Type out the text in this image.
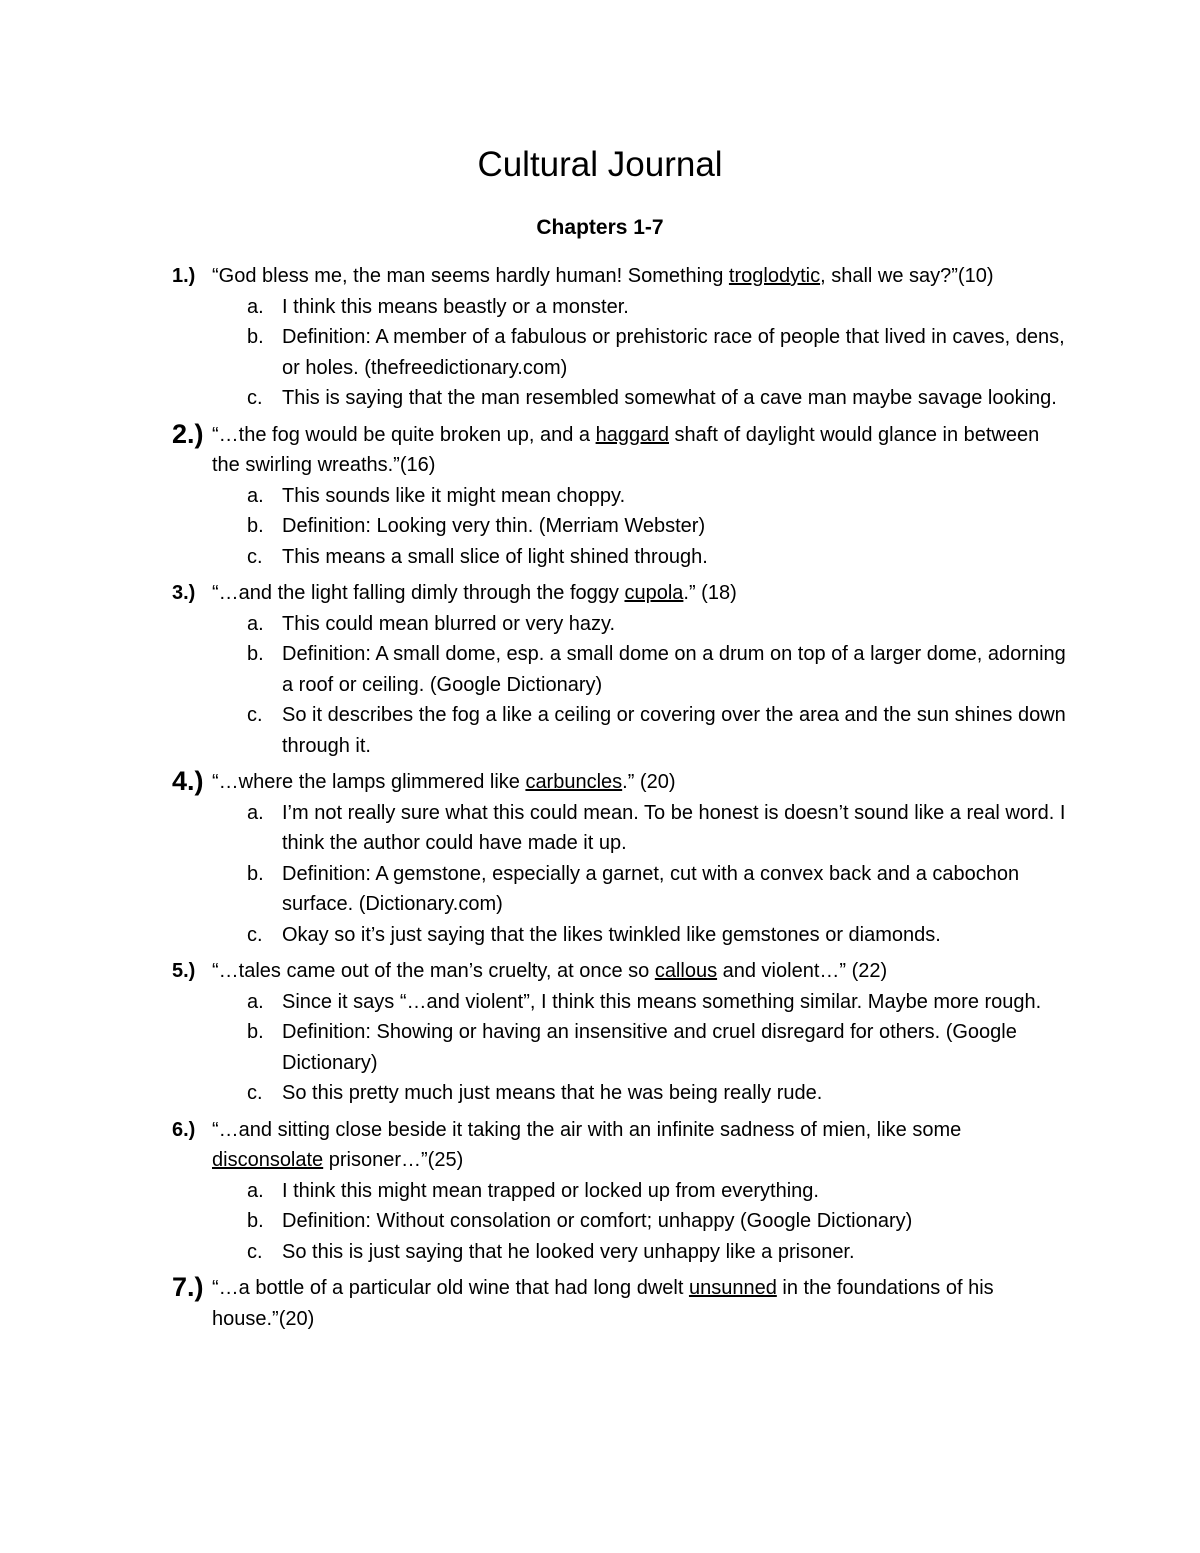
Cultural Journal
Chapters 1-7
1.) “God bless me, the man seems hardly human! Something troglodytic, shall we say?”(10)
a. I think this means beastly or a monster.
b. Definition: A member of a fabulous or prehistoric race of people that lived in caves, dens, or holes. (thefreedictionary.com)
c. This is saying that the man resembled somewhat of a cave man maybe savage looking.
2.) “…the fog would be quite broken up, and a haggard shaft of daylight would glance in between the swirling wreaths.”(16)
a. This sounds like it might mean choppy.
b. Definition: Looking very thin. (Merriam Webster)
c. This means a small slice of light shined through.
3.) “…and the light falling dimly through the foggy cupola.” (18)
a. This could mean blurred or very hazy.
b. Definition: A small dome, esp. a small dome on a drum on top of a larger dome, adorning a roof or ceiling. (Google Dictionary)
c. So it describes the fog a like a ceiling or covering over the area and the sun shines down through it.
4.) “…where the lamps glimmered like carbuncles.” (20)
a. I’m not really sure what this could mean. To be honest is doesn’t sound like a real word. I think the author could have made it up.
b. Definition: A gemstone, especially a garnet, cut with a convex back and a cabochon surface. (Dictionary.com)
c. Okay so it’s just saying that the likes twinkled like gemstones or diamonds.
5.) “…tales came out of the man’s cruelty, at once so callous and violent…” (22)
a. Since it says “…and violent”, I think this means something similar. Maybe more rough.
b. Definition: Showing or having an insensitive and cruel disregard for others. (Google Dictionary)
c. So this pretty much just means that he was being really rude.
6.) “…and sitting close beside it taking the air with an infinite sadness of mien, like some disconsolate prisoner…”(25)
a. I think this might mean trapped or locked up from everything.
b. Definition: Without consolation or comfort; unhappy (Google Dictionary)
c. So this is just saying that he looked very unhappy like a prisoner.
7.) “…a bottle of a particular old wine that had long dwelt unsunned in the foundations of his house.”(20)
